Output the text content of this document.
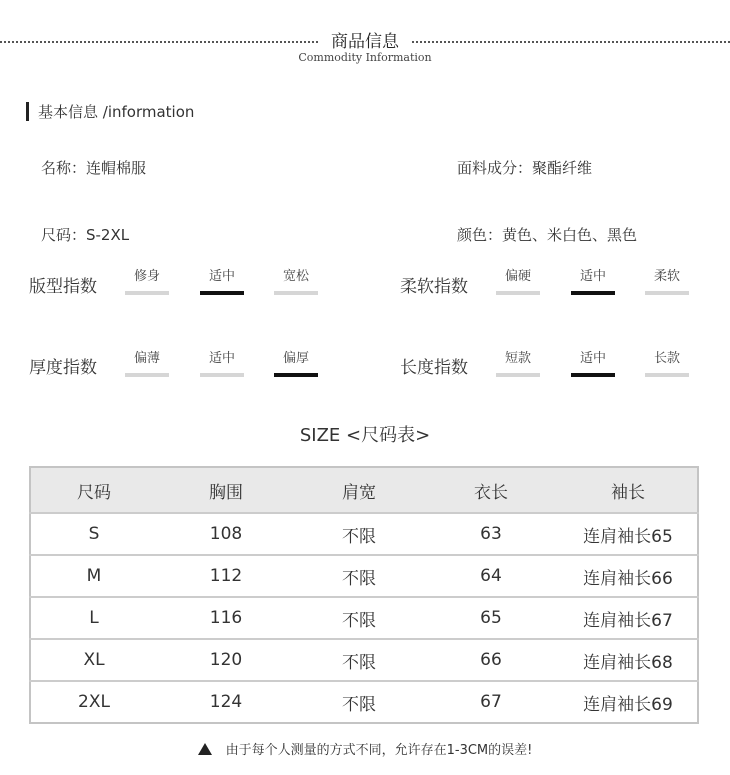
商品信息
Commodity Information
基本信息 /information
名称：连帽棉服	面料成分：聚酯纤维
尺码：S-2XL	颜色：黄色、米白色、黑色
版型指数
修身	适中	宽松
柔软指数
偏硬	适中	柔软
厚度指数	偏薄	适中	偏厚	长度指数	短款	适中	长款
SIZE <尺码表>
尺码	胸围	肩宽	衣长	袖长
S	108	不限	63	连肩袖长65
M	112	不限	64	连肩袖长66
L	116	不限	65	连肩袖长67
XL	120	不限	66	连肩袖长68
2XL	124	不限	67	连肩袖长69
由于每个人测量的方式不同，允许存在1-3CM的误差!
